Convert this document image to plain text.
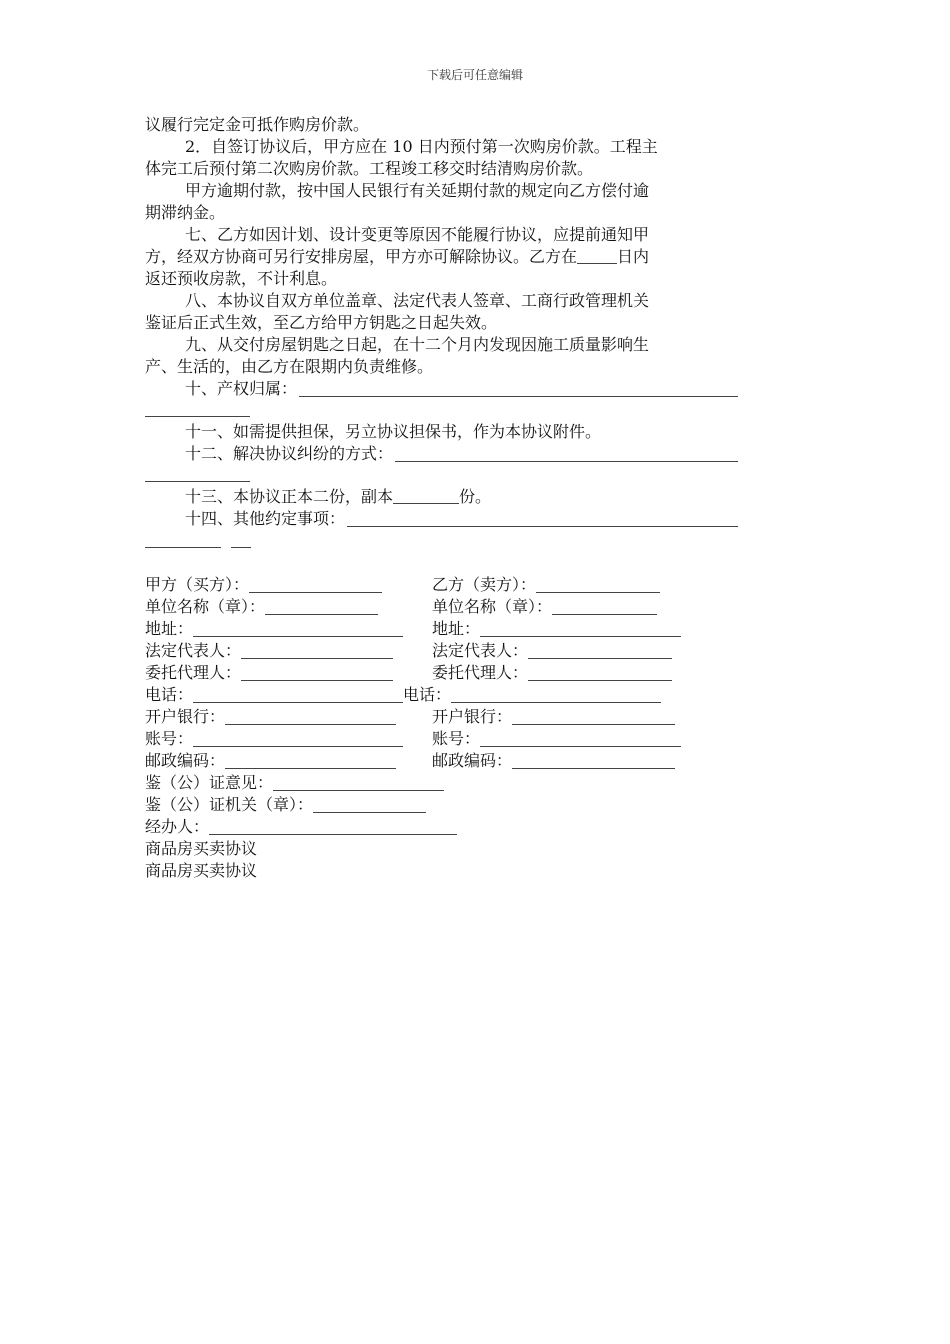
下载后可任意编辑

议履行完定金可抵作购房价款。

2．自签订协议后，甲方应在 10 日内预付第一次购房价款。工程主

体完工后预付第二次购房价款。工程竣工移交时结清购房价款。

甲方逾期付款，按中国人民银行有关延期付款的规定向乙方偿付逾

期滞纳金。

七、乙方如因计划、设计变更等原因不能履行协议，应提前通知甲

方，经双方协商可另行安排房屋，甲方亦可解除协议。乙方在	日内

返还预收房款，不计利息。

八、本协议自双方单位盖章、法定代表人签章、工商行政管理机关

鉴证后正式生效，至乙方给甲方钥匙之日起失效。

九、从交付房屋钥匙之日起，在十二个月内发现因施工质量影响生

产、生活的，由乙方在限期内负责维修。

十、产权归属：

十一、如需提供担保，另立协议担保书，作为本协议附件。

十二、解决协议纠纷的方式：

十三、本协议正本二份，副本	份。

十四、其他约定事项：
甲方（买方）：	乙方（卖方）：
单位名称（章）：	单位名称（章）：
地址：	地址：
法定代表人：	法定代表人：
委托代理人：	委托代理人：
电话：	电话：
开户银行：	开户银行：
账号：	账号：
邮政编码：	邮政编码：
鉴（公）证意见：
鉴（公）证机关（章）：
经办人：

商品房买卖协议

商品房买卖协议
